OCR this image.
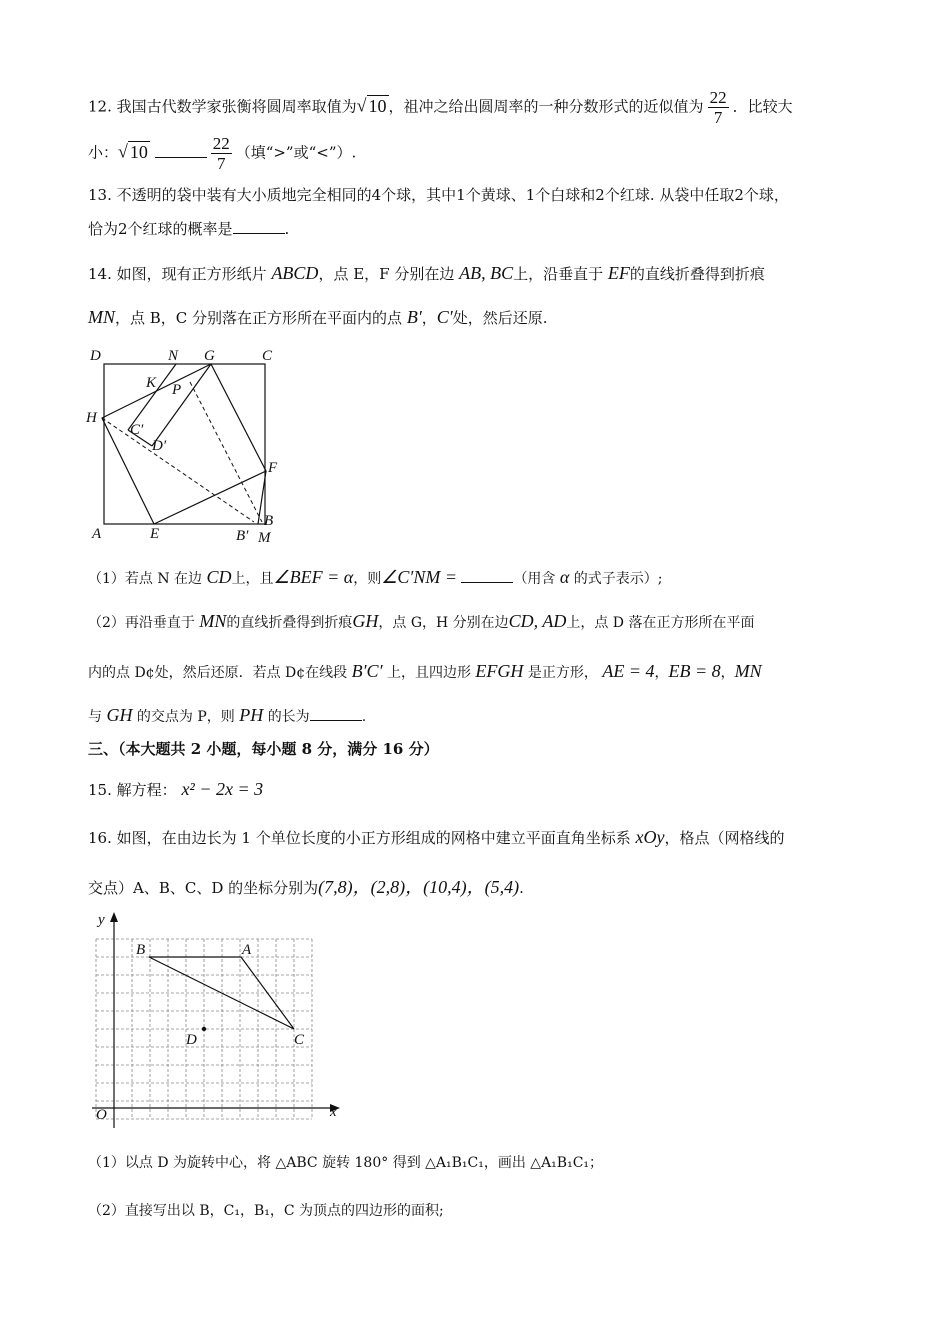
12. 我国古代数学家张衡将圆周率取值为√ 10 ，祖冲之给出圆周率的一种分数形式的近似值为 $\frac{22}{7}$ ．比较大
小：√ 10	$\frac{22}{7}$ （填“>”或“<”）.
13. 不透明的袋中装有大小质地完全相同的4个球，其中1个黄球、1个白球和2个红球. 从袋中任取2个球，
恰为2个红球的概率是	.
14. 如图，现有正方形纸片 ABCD，点 E，F 分别在边 AB, BC上，沿垂直于 EF的直线折叠得到折痕
MN，点 B，C 分别落在正方形所在平面内的点 B′，C′处，然后还原.
D	N G	C
K P
H
C′
D′
F
A	E
B
B′ M
（1）若点 N 在边 CD上，且∠BEF = α，则∠C′NM =	（用含 α 的式子表示）;
（2）再沿垂直于 MN的直线折叠得到折痕GH，点 G，H 分别在边CD, AD上，点 D 落在正方形所在平面
内的点 D¢处，然后还原．若点 D¢在线段 B′C′ 上，且四边形 EFGH 是正方形， AE = 4，EB = 8，MN
与 GH 的交点为 P，则 PH 的长为	.
三、（本大题共 2 小题，每小题 8 分，满分 16 分）
15. 解方程： x² − 2x = 3
16. 如图，在由边长为 1 个单位长度的小正方形组成的网格中建立平面直角坐标系 xOy，格点（网格线的
交点）A、B、C、D 的坐标分别为(7,8)，(2,8)，(10,4)，(5,4).
y
x
O
B	A
C
D
（1）以点 D 为旋转中心，将 △ABC 旋转 180° 得到 △A₁B₁C₁，画出 △A₁B₁C₁；
（2）直接写出以 B，C₁，B₁，C 为顶点的四边形的面积;
